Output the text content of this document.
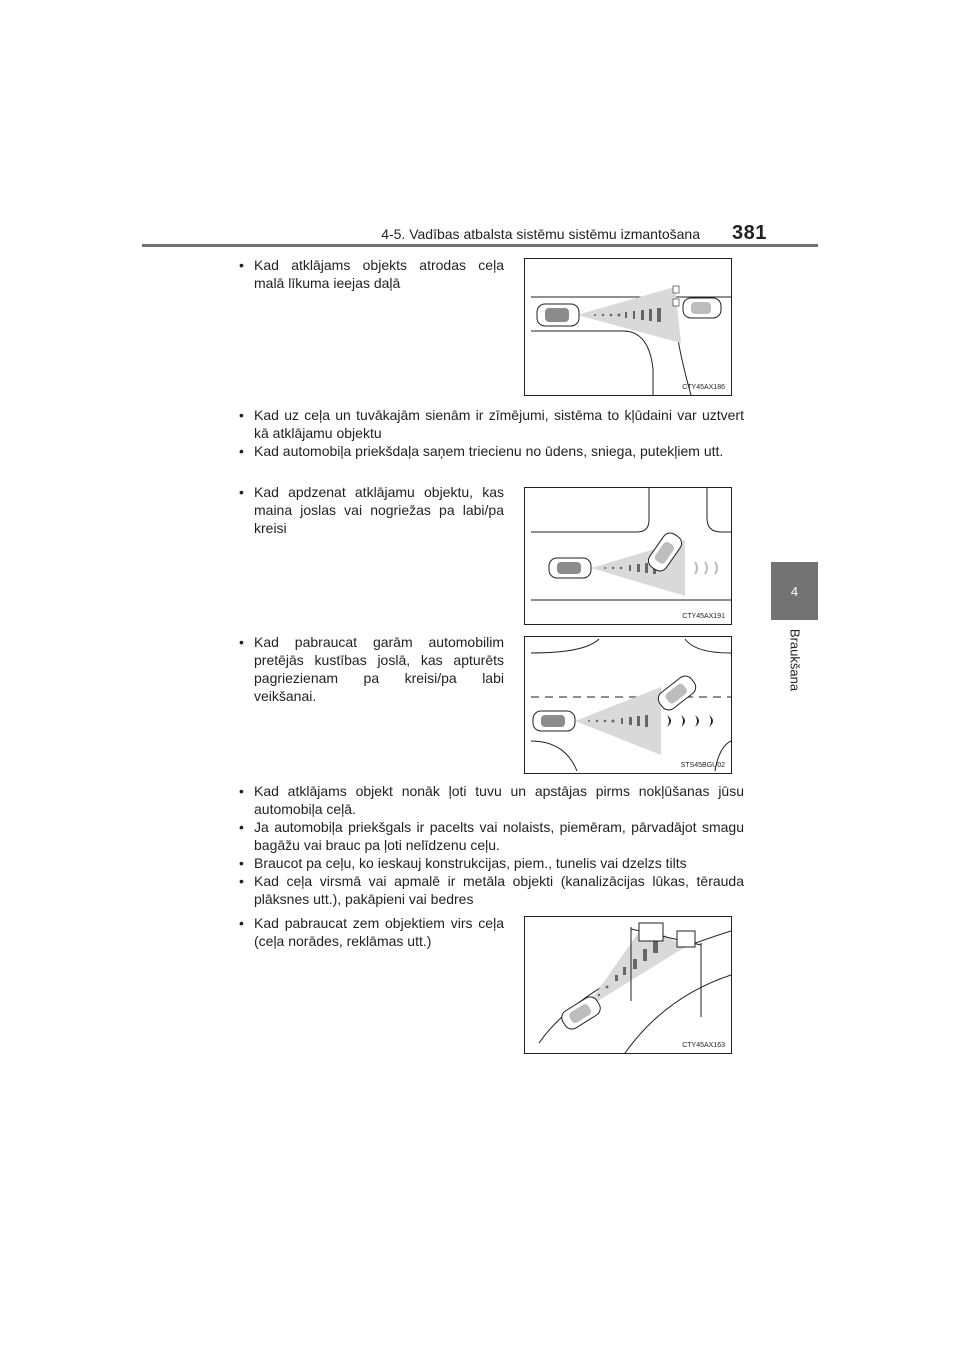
4-5. Vadības atbalsta sistēmu sistēmu izmantošana 381
4
Braukšana

• Kad atklājams objekts atrodas ceļa malā līkuma ieejas daļā

CTY45AX186

• Kad uz ceļa un tuvākajām sienām ir zīmējumi, sistēma to kļūdaini var uztvert kā atklājamu objektu

• Kad automobiļa priekšdaļa saņem triecienu no ūdens, sniega, putekļiem utt.

• Kad apdzenat atklājamu objektu, kas maina joslas vai nogriežas pa labi/pa kreisi

CTY45AX191

• Kad pabraucat garām automobilim pretējās kustības joslā, kas apturēts pagriezienam pa kreisi/pa labi veikšanai.

STS45BGU02

• Kad atklājams objekt nonāk ļoti tuvu un apstājas pirms nokļūšanas jūsu automobiļa ceļā.

• Ja automobiļa priekšgals ir pacelts vai nolaists, piemēram, pārvadājot smagu bagāžu vai brauc pa ļoti nelīdzenu ceļu.

• Braucot pa ceļu, ko ieskauj konstrukcijas, piem., tunelis vai dzelzs tilts

• Kad ceļa virsmā vai apmalē ir metāla objekti (kanalizācijas lūkas, tērauda plāksnes utt.), pakāpieni vai bedres

• Kad pabraucat zem objektiem virs ceļa (ceļa norādes, reklāmas utt.)

CTY45AX163
